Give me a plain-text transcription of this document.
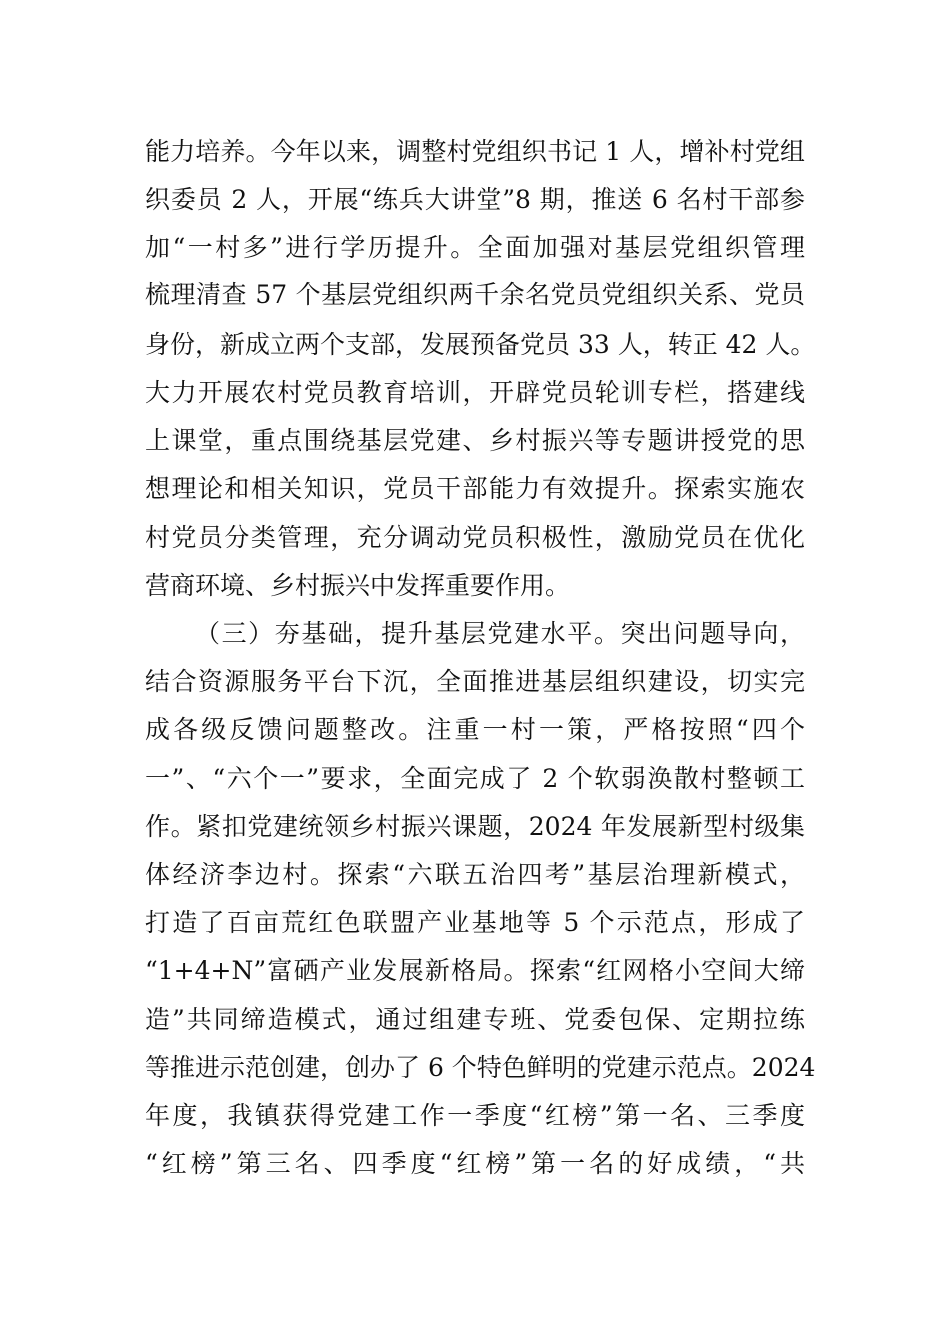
能力培养。今年以来，调整村党组织书记 1 人，增补村党组
织委员 2 人，开展“练兵大讲堂”8 期，推送 6 名村干部参
加“一村多”进行学历提升。全面加强对基层党组织管理
梳理清查 57 个基层党组织两千余名党员党组织关系、党员
身份，新成立两个支部，发展预备党员 33 人，转正 42 人。
大力开展农村党员教育培训，开辟党员轮训专栏，搭建线
上课堂，重点围绕基层党建、乡村振兴等专题讲授党的思
想理论和相关知识，党员干部能力有效提升。探索实施农
村党员分类管理，充分调动党员积极性，激励党员在优化
营商环境、乡村振兴中发挥重要作用。
（三）夯基础，提升基层党建水平。突出问题导向，
结合资源服务平台下沉，全面推进基层组织建设，切实完
成各级反馈问题整改。注重一村一策，严格按照“四个
一”、“六个一”要求，全面完成了 2 个软弱涣散村整顿工
作。紧扣党建统领乡村振兴课题，2024 年发展新型村级集
体经济李边村。探索“六联五治四考”基层治理新模式，
打造了百亩荒红色联盟产业基地等 5 个示范点，形成了
“1+4+N”富硒产业发展新格局。探索“红网格小空间大缔
造”共同缔造模式，通过组建专班、党委包保、定期拉练
等推进示范创建，创办了 6 个特色鲜明的党建示范点。2024
年度，我镇获得党建工作一季度“红榜”第一名、三季度
“红榜”第三名、四季度“红榜”第一名的好成绩，“共
